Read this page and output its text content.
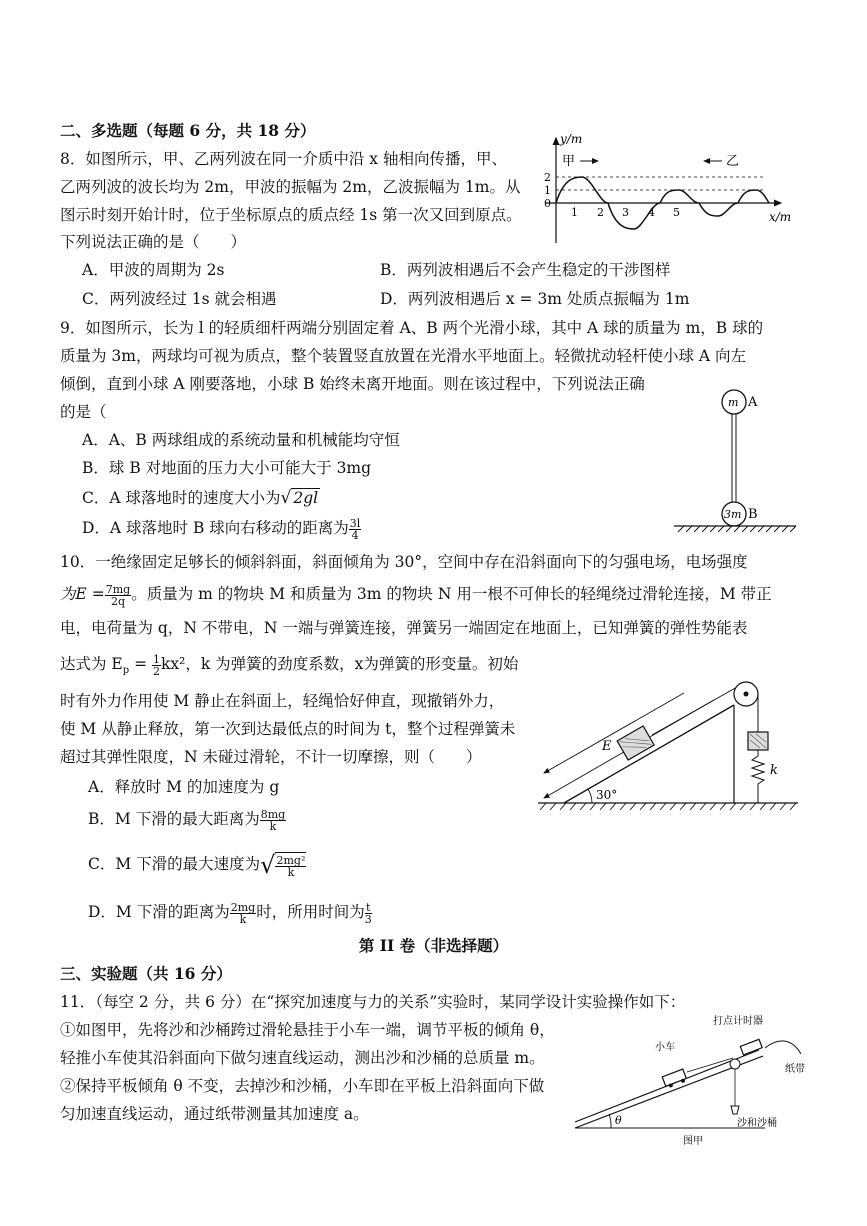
二、多选题（每题 6 分，共 18 分）
8．如图所示，甲、乙两列波在同一介质中沿 x 轴相向传播，甲、
乙两列波的波长均为 2m，甲波的振幅为 2m，乙波振幅为 1m。从
图示时刻开始计时，位于坐标原点的质点经 1s 第一次又回到原点。
下列说法正确的是（　　）
A．甲波的周期为 2s	B．两列波相遇后不会产生稳定的干涉图样
C．两列波经过 1s 就会相遇	D．两列波相遇后 x = 3m 处质点振幅为 1m
y/m
x/m
甲	乙
2
1
0
1 2 3 4 5
9．如图所示，长为 l 的轻质细杆两端分别固定着 A、B 两个光滑小球，其中 A 球的质量为 m，B 球的
质量为 3m，两球均可视为质点，整个装置竖直放置在光滑水平地面上。轻微扰动轻杆使小球 A 向左
倾倒，直到小球 A 刚要落地，小球 B 始终未离开地面。则在该过程中，下列说法正确
的是（
A．A、B 两球组成的系统动量和机械能均守恒
B．球 B 对地面的压力大小可能大于 3mg
C．A 球落地时的速度大小为√ 2gl
D．A 球落地时 B 球向右移动的距离为 $\frac{3l}{4}$
m A
3m B
10．一绝缘固定足够长的倾斜斜面，斜面倾角为 30°，空间中存在沿斜面向下的匀强电场，电场强度
为$E = \frac{7mg}{2q}$ 。质量为 m 的物块 M 和质量为 3m 的物块 N 用一根不可伸长的轻绳绕过滑轮连接，M 带正
电，电荷量为 q，N 不带电，N 一端与弹簧连接，弹簧另一端固定在地面上，已知弹簧的弹性势能表
达式为 $E_p = \frac{1}{2} kx^2$，k 为弹簧的劲度系数，x为弹簧的形变量。初始
时有外力作用使 M 静止在斜面上，轻绳恰好伸直，现撤销外力，
使 M 从静止释放，第一次到达最低点的时间为 t，整个过程弹簧未
超过其弹性限度，N 未碰过滑轮，不计一切摩擦，则（　　）
A．释放时 M 的加速度为 g
B．M 下滑的最大距离为 $\frac{8mg}{k}$
C．M 下滑的最大速度为√ $\frac{\text{2mg²}}{k}$
D．M 下滑的距离为 $\frac{2mg}{k}$ 时，所用时间为 $\frac{t}{3}$
E
k
30°
第 II 卷（非选择题）
三、实验题（共 16 分）
11．（每空 2 分，共 6 分）在“探究加速度与力的关系”实验时，某同学设计实验操作如下：
①如图甲，先将沙和沙桶跨过滑轮悬挂于小车一端，调节平板的倾角 θ，
轻推小车使其沿斜面向下做匀速直线运动，测出沙和沙桶的总质量 m。
②保持平板倾角 θ 不变，去掉沙和沙桶，小车即在平板上沿斜面向下做
匀加速直线运动，通过纸带测量其加速度 a。	θ
打点计时器
小车
纸带
沙和沙桶
图甲
